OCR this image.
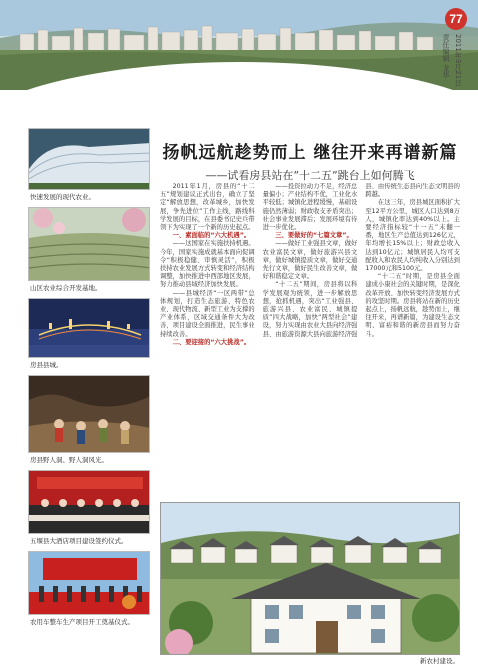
77
2011年3月21日
责任编辑 龙华
快速发展的现代农业。
山区农业综合开发基地。
房县县城。
房县野人洞、野人洞风光。
五堰县大酒店项目建设签约仪式。
农用车整车生产项目开工奠基仪式。
扬帆远航趁势而上 继往开来再谱新篇
——试看房县站在“十二五”跳台上如何腾飞

2011年1月，房县的“十二五”规划建议正式出台，确立了坚定“解放思想，改革城乡，加快发展，争先进位”工作主线，路线科学发展的目标，在县委书记史兵带领下为实现了一个新的历史起点。

一、素面临的“六大机遇”。

——这国家在实施扶持机遇。今年，国家实施成就基本面向促调令“积极稳健、审慎灵活”，积极扶持农业发展方式转变和经济结构调整，加快推进中西部地区发展，努力推动县域经济加快发展。

——县城经济“一区两带”总体规划，打造生态旅游、特色农业、现代物流、新型工业为支撑的产业体系，区域交通条件大为改善，项目建设全面推进，民生事业持续改善。

二、要迎接的“六大挑战”。

——投资拉动力不足，经济总量偏小；产业结构不优，工业化水平较低；城镇化进程缓慢，基础设施仍然薄弱；财政收支矛盾突出；社会事业发展滞后；发展环境有待进一步优化。

三、要做好的“七篇文章”。

——做好工业强县文章，做好农业富民文章，做好旅游兴县文章，做好城镇提质文章，做好交通先行文章，做好民生改善文章，做好和谐稳定文章。

“十二五”期间，房县将以科学发展观为统领，进一步解放思想，抢抓机遇，突出“工业强县、旅游兴县、农业富民、城镇提质”四大战略，加快“两型社会”建设，努力实现由农业大县向经济强县、由旅游资源大县向旅游经济强县、由传统生态县向生态文明县的跨越。

在这三年，房县城区面积扩大至12平方公里，城区人口达到8万人，城镇化率达到40%以上。主要经济指标较“十一五”末翻一番，地区生产总值达到126亿元，年均增长15%以上；财政总收入达到10亿元；城镇居民人均可支配收入和农民人均纯收入分别达到17000元和5100元。

“十二五”时期，是房县全面建成小康社会的关键时期，是深化改革开放、加快转变经济发展方式的攻坚时期。房县将站在新的历史起点上，扬帆远航，趁势而上，继往开来，再谱新篇，为建设生态文明、富裕和谐的新房县而努力奋斗。

新农村建设。
